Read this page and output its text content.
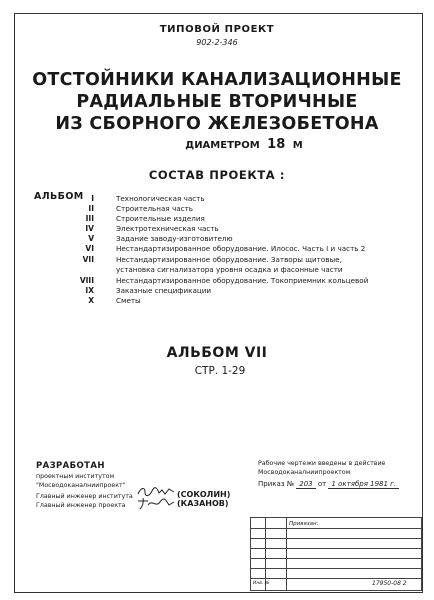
ТИПОВОЙ ПРОЕКТ
902-2-346
ОТСТОЙНИКИ КАНАЛИЗАЦИОННЫЕ
РАДИАЛЬНЫЕ ВТОРИЧНЫЕ
ИЗ СБОРНОГО ЖЕЛЕЗОБЕТОНА
ДИАМЕТРОМ 18 М
СОСТАВ ПРОЕКТА :
АЛЬБОМ	I	Технологическая часть
II	Строительная часть
III	Строительные изделия
IV	Электротехническая часть
V	Задание заводу-изготовителю
VI	Нестандартизированное оборудование. Илосос. Часть I и часть 2
VII	Нестандартизированное оборудование. Затворы щитовые,
установка сигнализатора уровня осадка и фасонные части
VIII	Нестандартизированное оборудование. Токоприемник кольцевой
IX	Заказные спецификации
X	Сметы
АЛЬБОМ VII
СТР. 1-29
РАЗРАБОТАН
проектным институтом
"Мосводоканалниипроект"
Главный инженер института
Главный инженер проекта
(СОКОЛИН)
(КАЗАНОВ)
Рабочие чертежи введены в действие
Мосводоканалниипроектом
Приказ № 203 от 1 октября 1981 г.
Привязан:
Инв. №	17950-08 2
